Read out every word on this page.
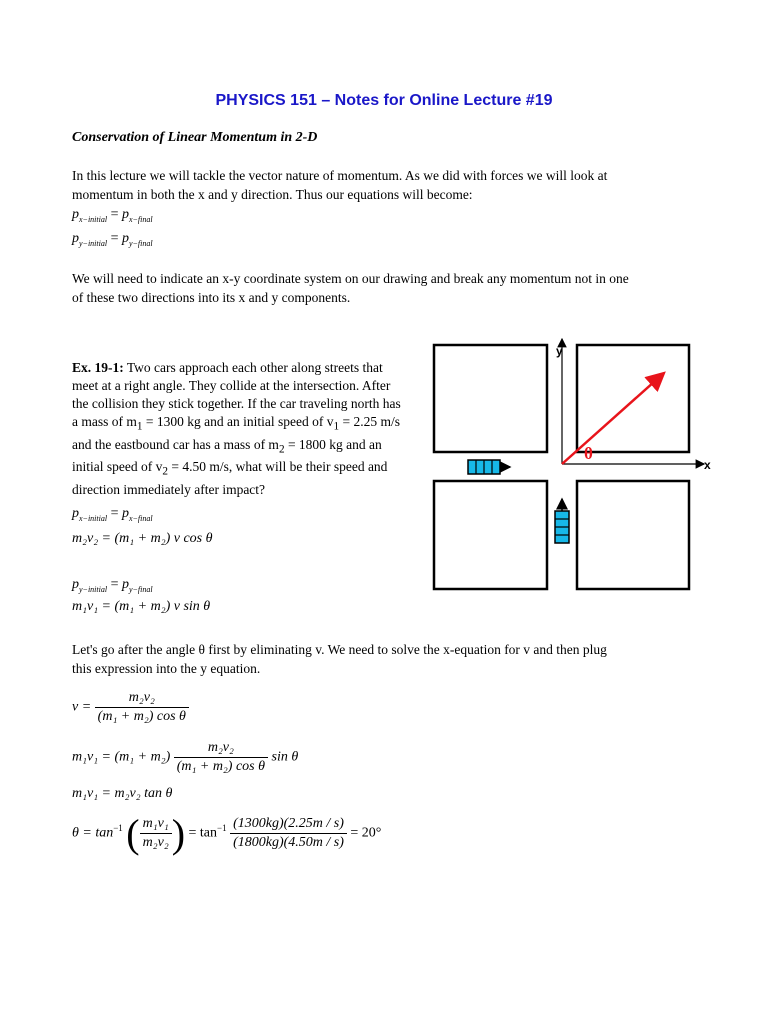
PHYSICS 151 – Notes for Online Lecture #19
Conservation of Linear Momentum in 2-D
In this lecture we will tackle the vector nature of momentum. As we did with forces we will look at
momentum in both the x and y direction. Thus our equations will become:
$p_{x-initial} = p_{x-final}$
$p_{y-initial} = p_{y-final}$
We will need to indicate an x-y coordinate system on our drawing and break any momentum not in one
of these two directions into its x and y components.
Ex. 19-1: Two cars approach each other along streets that meet at a right angle. They collide at the intersection. After the collision they stick together. If the car traveling north has a mass of $m_1 = 1300$ kg and an initial speed of $v_1 = 2.25$ m/s and the eastbound car has a mass of $m_2 = 1800$ kg and an initial speed of $v_2 = 4.50$ m/s, what will be their speed and direction immediately after impact?
$p_{x-initial} = p_{x-final}$
m₂v₂ = (m₁ + m₂) v cos θ
$p_{y-initial} = p_{y-final}$
m₁v₁ = (m₁ + m₂) v sin θ
Let's go after the angle θ first by eliminating v. We need to solve the x-equation for v and then plug
this expression into the y equation.
$v = \frac{\text{m₂v₂}}{\text{(m₁ + m₂) cos θ}}$
$m_1v_1 = (m_1 + m_2) \frac{\text{m₂v₂}}{\text{(m₁ + m₂) cos θ}}$ sin θ
m₁v₁ = m₂v₂ tan θ
$\theta = \tan^{-1}$ ( $\frac{\text{m₁v₁}}{\text{m₂v₂}}$ ) = $\tan^{-1} \frac{(1300kg)(2.25m / s)}{(1800kg)(4.50m / s)} = 20^\circ$
y
x
θ
